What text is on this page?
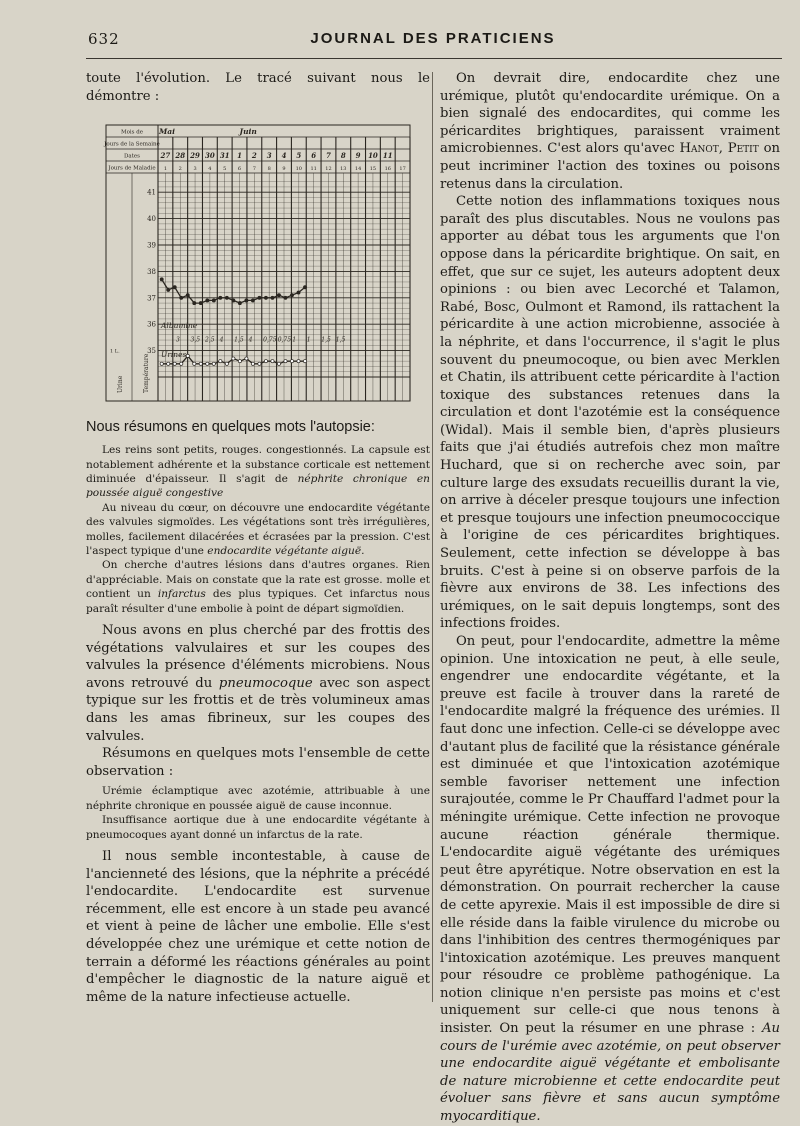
632	JOURNAL DES PRATICIENS

toute l'évolution. Le tracé suivant nous le démontre :

Mois de
Jours de la Semaine
Dates
Jours de Maladie
Urine	Température
1 L.
41
40
39
38
37
36
35
Mai	Juin
27 28 29 30 31 1 2 3 4 5 6 7 8 9 10 11
1 2 3 4 5 6 7 8 9 10 11 12 13 14 15 16 17
Albumine
3 3,5 2,5 4 1,5 4 0,75 0,75 1 1 1,5 1,5
Urines

Nous résumons en quelques mots l'autopsie:

Les reins sont petits, rouges. congestionnés. La capsule est notablement adhérente et la substance corticale est nettement diminuée d'épaisseur. Il s'agit de néphrite chronique en poussée aiguë congestive

Au niveau du cœur, on découvre une endocardite végétante des valvules sigmoïdes. Les végétations sont très irrégulières, molles, facilement dilacérées et écrasées par la pression. C'est l'aspect typique d'une endocardite végétante aiguë.

On cherche d'autres lésions dans d'autres organes. Rien d'appréciable. Mais on constate que la rate est grosse. molle et contient un infarctus des plus typiques. Cet infarctus nous paraît résulter d'une embolie à point de départ sigmoïdien.

Nous avons en plus cherché par des frottis des végétations valvulaires et sur les coupes des valvules la présence d'éléments microbiens. Nous avons retrouvé du pneumocoque avec son aspect typique sur les frottis et de très volumineux amas dans les amas fibrineux, sur les coupes des valvules.

Résumons en quelques mots l'ensemble de cette observation :

Urémie éclamptique avec azotémie, attribuable à une néphrite chronique en poussée aiguë de cause inconnue.

Insuffisance aortique due à une endocardite végétante à pneumocoques ayant donné un infarctus de la rate.

Il nous semble incontestable, à cause de l'ancienneté des lésions, que la néphrite a précédé l'endocardite. L'endocardite est survenue récemment, elle est encore à un stade peu avancé et vient à peine de lâcher une embolie. Elle s'est développée chez une urémique et cette notion de terrain a déformé les réactions générales au point d'empêcher le diagnostic de la nature aiguë et même de la nature infectieuse actuelle.

On devrait dire, endocardite chez une urémique, plutôt qu'endocardite urémique. On a bien signalé des endocardites, qui comme les péricardites brightiques, paraissent vraiment amicrobiennes. C'est alors qu'avec Hanot, Petit on peut incriminer l'action des toxines ou poisons retenus dans la circulation.

Cette notion des inflammations toxiques nous paraît des plus discutables. Nous ne voulons pas apporter au débat tous les arguments que l'on oppose dans la péricardite brightique. On sait, en effet, que sur ce sujet, les auteurs adoptent deux opinions : ou bien avec Lecorché et Talamon, Rabé, Bosc, Oulmont et Ramond, ils rattachent la péricardite à une action microbienne, associée à la néphrite, et dans l'occurrence, il s'agit le plus souvent du pneumocoque, ou bien avec Merklen et Chatin, ils attribuent cette péricardite à l'action toxique des substances retenues dans la circulation et dont l'azotémie est la conséquence (Widal). Mais il semble bien, d'après plusieurs faits que j'ai étudiés autrefois chez mon maître Huchard, que si on recherche avec soin, par culture large des exsudats recueillis durant la vie, on arrive à déceler presque toujours une infection et presque toujours une infection pneumococcique à l'origine de ces péricardites brightiques. Seulement, cette infection se développe à bas bruits. C'est à peine si on observe parfois de la fièvre aux environs de 38. Les infections des urémiques, on le sait depuis longtemps, sont des infections froides.

On peut, pour l'endocardite, admettre la même opinion. Une intoxication ne peut, à elle seule, engendrer une endocardite végétante, et la preuve est facile à trouver dans la rareté de l'endocardite malgré la fréquence des urémies. Il faut donc une infection. Celle-ci se développe avec d'autant plus de facilité que la résistance générale est diminuée et que l'intoxication azotémique semble favoriser nettement une infection surajoutée, comme le Pr Chauffard l'admet pour la méningite urémique. Cette infection ne provoque aucune réaction générale thermique. L'endocardite aiguë végétante des urémiques peut être apyrétique. Notre observation en est la démonstration. On pourrait rechercher la cause de cette apyrexie. Mais il est impossible de dire si elle réside dans la faible virulence du microbe ou dans l'inhibition des centres thermogéniques par l'intoxication azotémique. Les preuves manquent pour résoudre ce problème pathogénique. La notion clinique n'en persiste pas moins et c'est uniquement sur celle-ci que nous tenons à insister. On peut la résumer en une phrase : Au cours de l'urémie avec azotémie, on peut observer une endocardite aiguë végétante et embolisante de nature microbienne et cette endocardite peut évoluer sans fièvre et sans aucun symptôme myocarditique.
